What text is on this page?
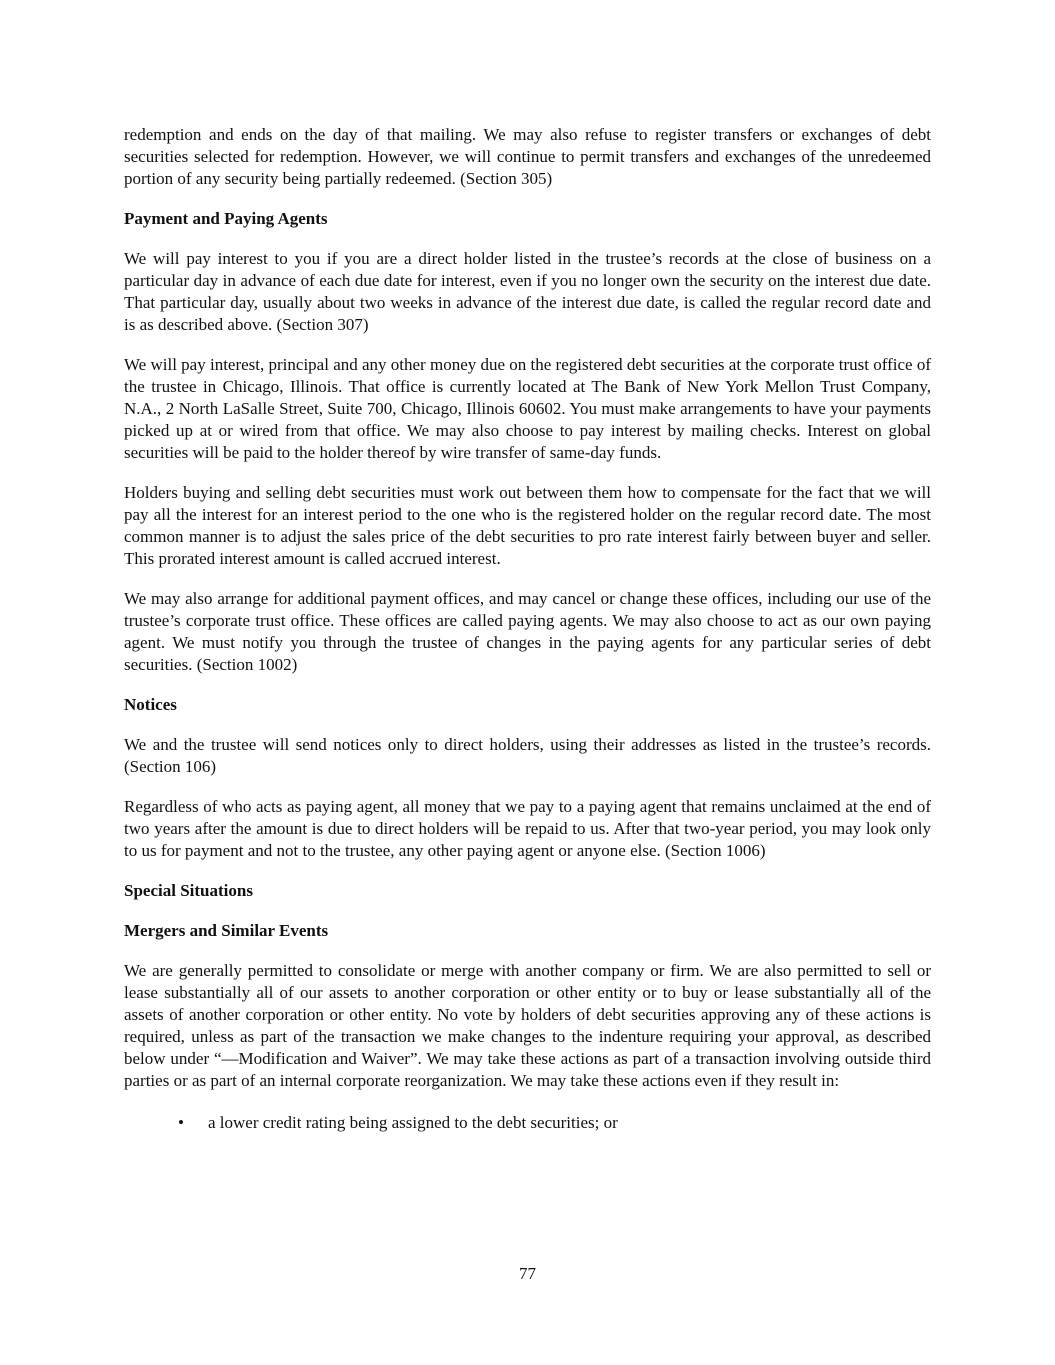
redemption and ends on the day of that mailing. We may also refuse to register transfers or exchanges of debt securities selected for redemption. However, we will continue to permit transfers and exchanges of the unredeemed portion of any security being partially redeemed. (Section 305)

Payment and Paying Agents

We will pay interest to you if you are a direct holder listed in the trustee’s records at the close of business on a particular day in advance of each due date for interest, even if you no longer own the security on the interest due date. That particular day, usually about two weeks in advance of the interest due date, is called the regular record date and is as described above. (Section 307)

We will pay interest, principal and any other money due on the registered debt securities at the corporate trust office of the trustee in Chicago, Illinois. That office is currently located at The Bank of New York Mellon Trust Company, N.A., 2 North LaSalle Street, Suite 700, Chicago, Illinois 60602. You must make arrangements to have your payments picked up at or wired from that office. We may also choose to pay interest by mailing checks. Interest on global securities will be paid to the holder thereof by wire transfer of same-day funds.

Holders buying and selling debt securities must work out between them how to compensate for the fact that we will pay all the interest for an interest period to the one who is the registered holder on the regular record date. The most common manner is to adjust the sales price of the debt securities to pro rate interest fairly between buyer and seller. This prorated interest amount is called accrued interest.

We may also arrange for additional payment offices, and may cancel or change these offices, including our use of the trustee’s corporate trust office. These offices are called paying agents. We may also choose to act as our own paying agent. We must notify you through the trustee of changes in the paying agents for any particular series of debt securities. (Section 1002)

Notices

We and the trustee will send notices only to direct holders, using their addresses as listed in the trustee’s records. (Section 106)

Regardless of who acts as paying agent, all money that we pay to a paying agent that remains unclaimed at the end of two years after the amount is due to direct holders will be repaid to us. After that two-year period, you may look only to us for payment and not to the trustee, any other paying agent or anyone else. (Section 1006)

Special Situations

Mergers and Similar Events

We are generally permitted to consolidate or merge with another company or firm. We are also permitted to sell or lease substantially all of our assets to another corporation or other entity or to buy or lease substantially all of the assets of another corporation or other entity. No vote by holders of debt securities approving any of these actions is required, unless as part of the transaction we make changes to the indenture requiring your approval, as described below under “—Modification and Waiver”. We may take these actions as part of a transaction involving outside third parties or as part of an internal corporate reorganization. We may take these actions even if they result in:

• a lower credit rating being assigned to the debt securities; or
77
